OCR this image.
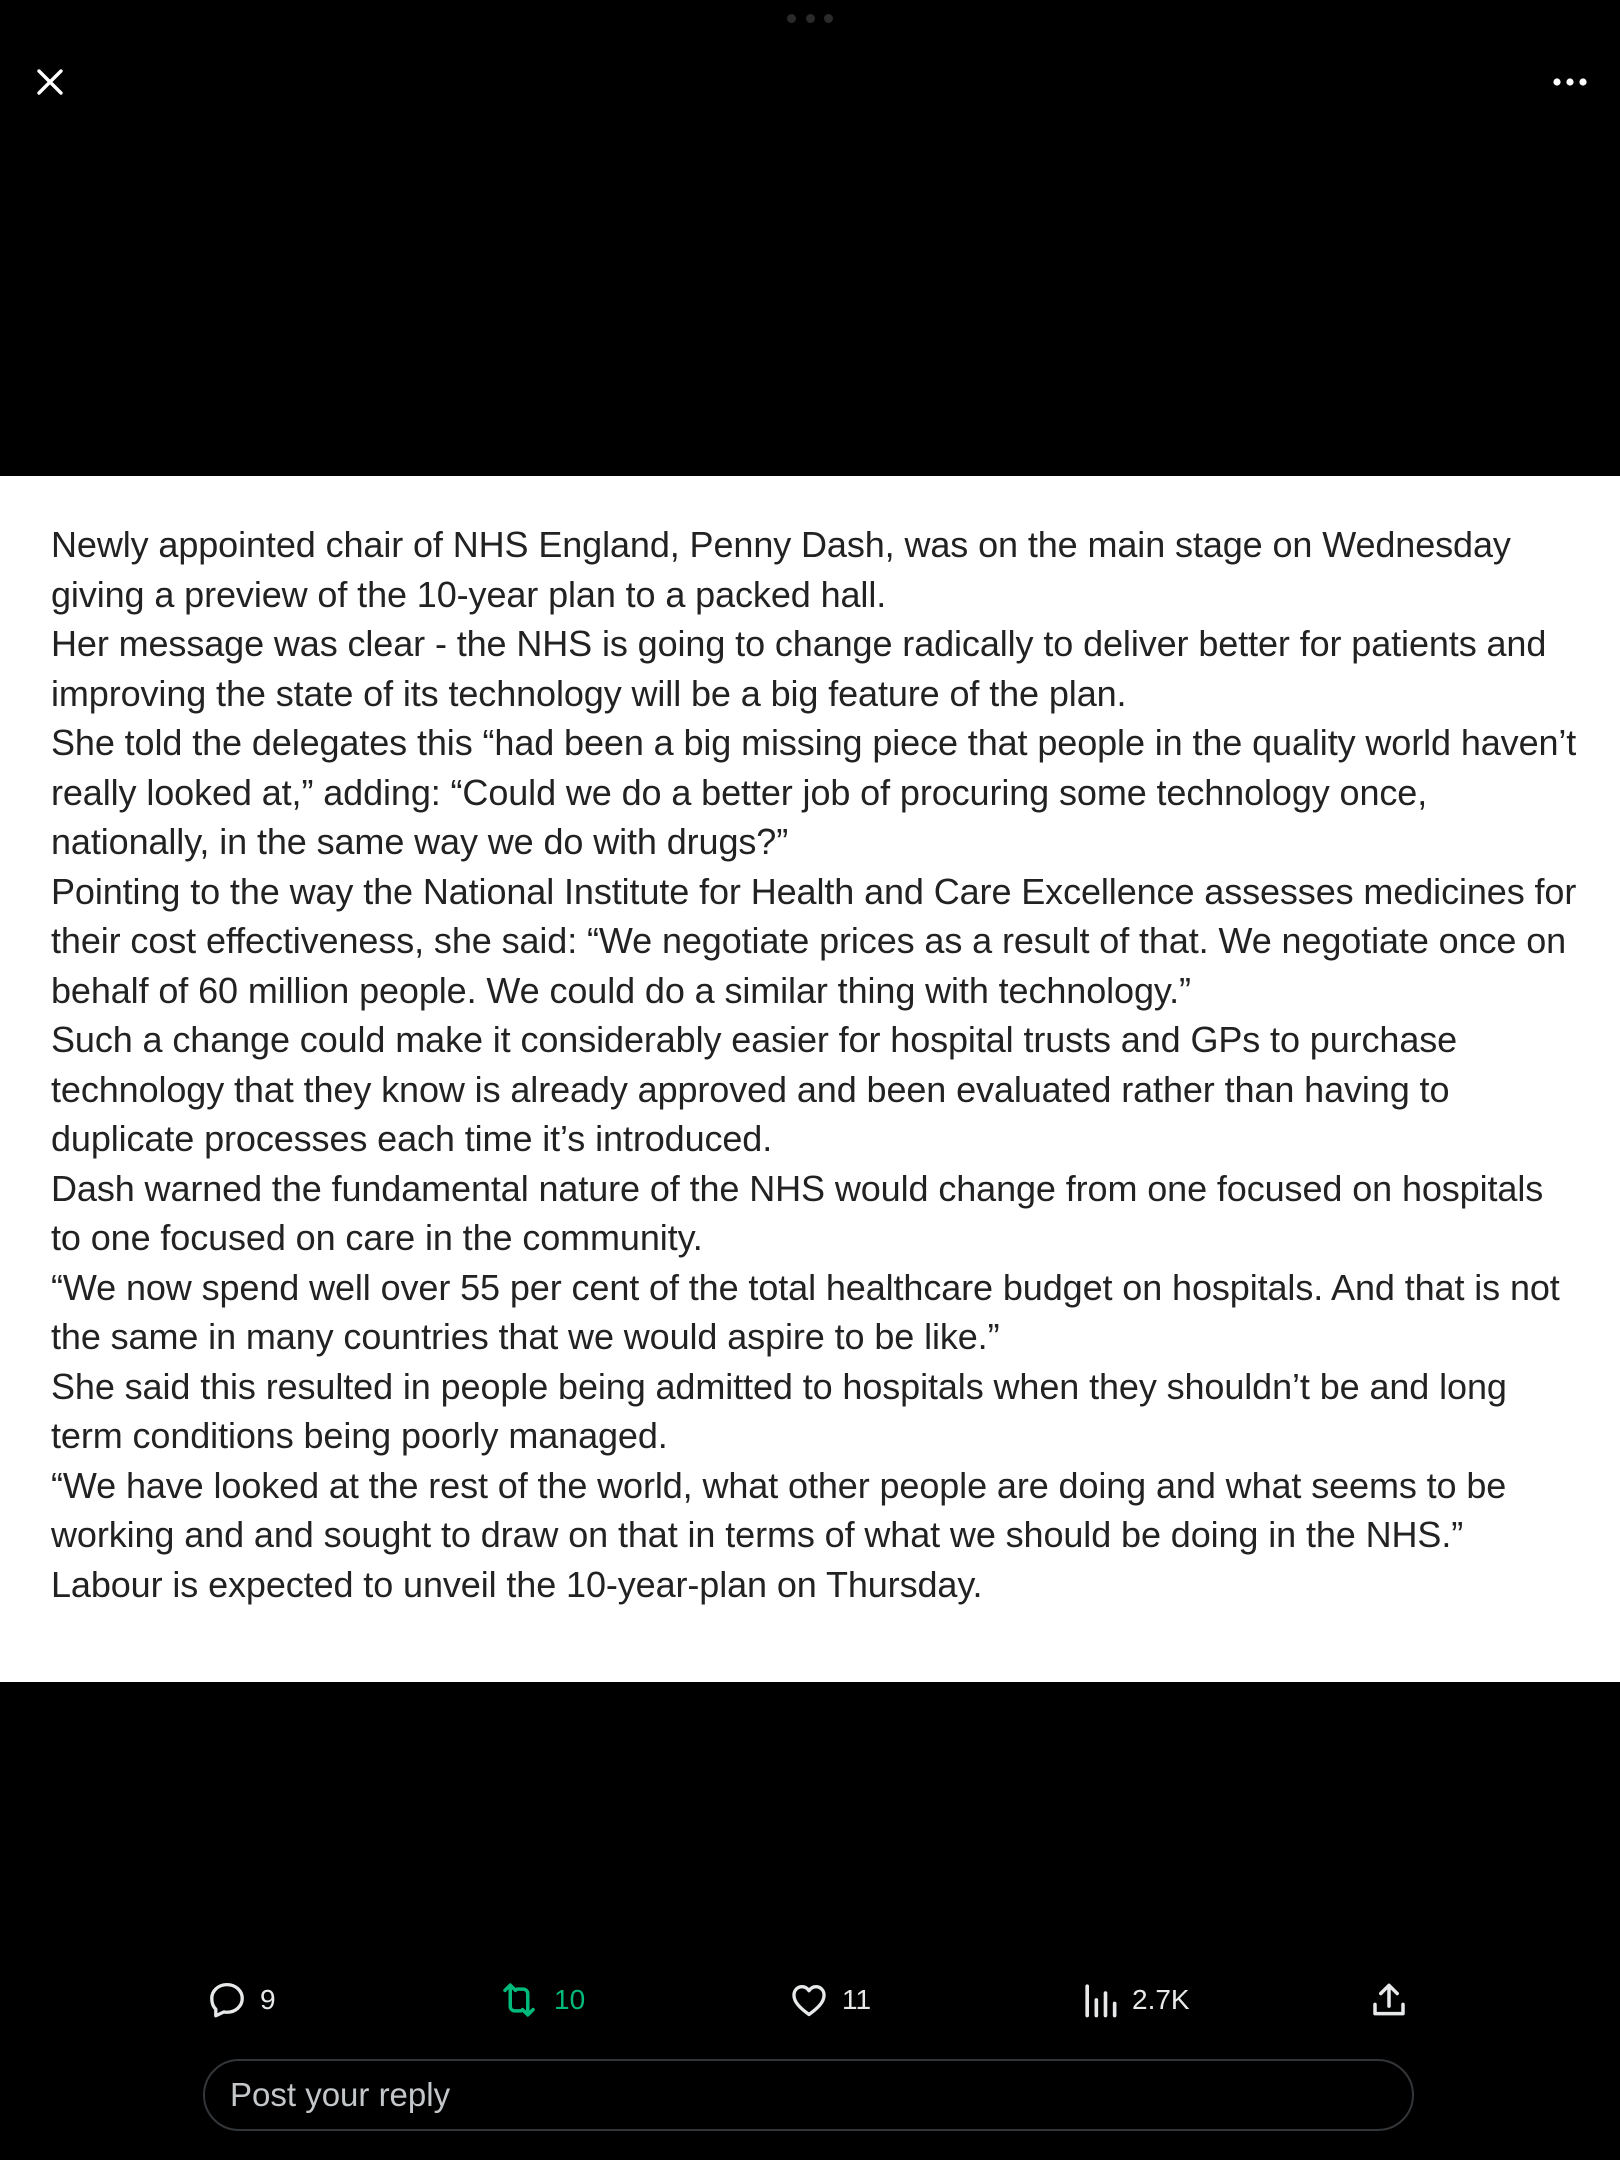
Newly appointed chair of NHS England, Penny Dash, was on the main stage on Wednesday giving a preview of the 10-year plan to a packed hall.

Her message was clear - the NHS is going to change radically to deliver better for patients and improving the state of its technology will be a big feature of the plan.

She told the delegates this “had been a big missing piece that people in the quality world haven’t really looked at,” adding: “Could we do a better job of procuring some technology once, nationally, in the same way we do with drugs?”

Pointing to the way the National Institute for Health and Care Excellence assesses medicines for their cost effectiveness, she said: “We negotiate prices as a result of that. We negotiate once on behalf of 60 million people. We could do a similar thing with technology.”

Such a change could make it considerably easier for hospital trusts and GPs to purchase technology that they know is already approved and been evaluated rather than having to duplicate processes each time it’s introduced.

Dash warned the fundamental nature of the NHS would change from one focused on hospitals to one focused on care in the community.

“We now spend well over 55 per cent of the total healthcare budget on hospitals. And that is not the same in many countries that we would aspire to be like.”

She said this resulted in people being admitted to hospitals when they shouldn’t be and long term conditions being poorly managed.

“We have looked at the rest of the world, what other people are doing and what seems to be working and and sought to draw on that in terms of what we should be doing in the NHS.”

Labour is expected to unveil the 10-year-plan on Thursday.

9	10	11	2.7K
Post your reply
